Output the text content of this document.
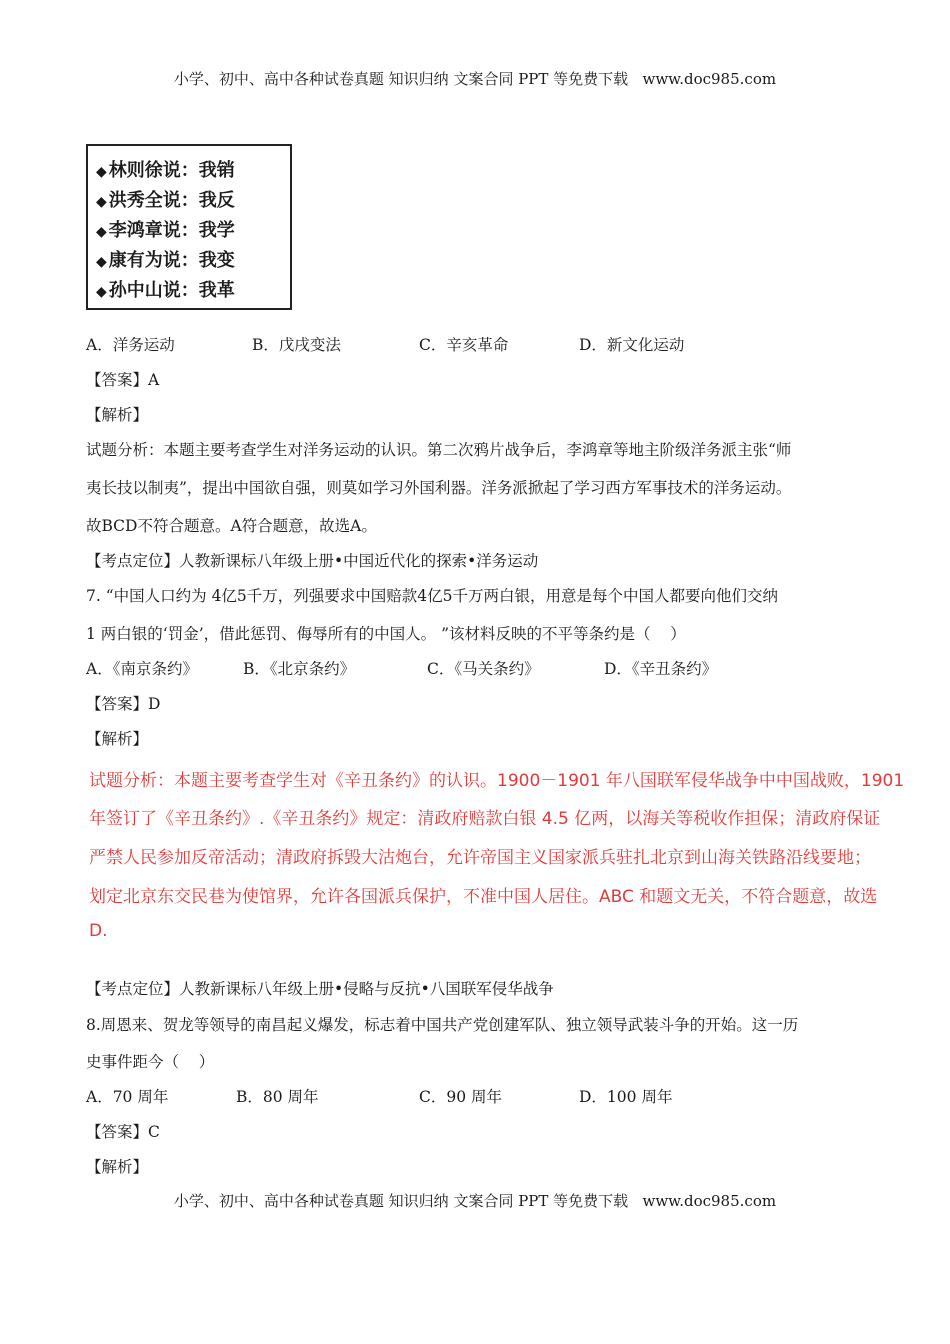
小学、初中、高中各种试卷真题 知识归纳 文案合同 PPT 等免费下载   www.doc985.com
◆ 林则徐说：我销
◆ 洪秀全说：我反
◆ 李鸿章说：我学
◆ 康有为说：我变
◆ 孙中山说：我革
A．洋务运动	B．戊戌变法	C．辛亥革命	D．新文化运动
【答案】A
【解析】
试题分析：本题主要考查学生对洋务运动的认识。第二次鸦片战争后，李鸿章等地主阶级洋务派主张“师
夷长技以制夷”，提出中国欲自强，则莫如学习外国利器。洋务派掀起了学习西方军事技术的洋务运动。
故BCD不符合题意。A符合题意，故选A。
【考点定位】人教新课标八年级上册•中国近代化的探索•洋务运动
7. “中国人口约为 4亿5千万，列强要求中国赔款4亿5千万两白银，用意是每个中国人都要向他们交纳
1 两白银的‘罚金’，借此惩罚、侮辱所有的中国人。 ”该材料反映的不平等条约是（    ）
A．《南京条约》	B．《北京条约》	C．《马关条约》	D．《辛丑条约》
【答案】D
【解析】
试题分析：本题主要考查学生对《辛丑条约》的认识。1900－1901 年八国联军侵华战争中中国战败，1901
年签订了《辛丑条约》.《辛丑条约》规定：清政府赔款白银 4.5 亿两，以海关等税收作担保；清政府保证
严禁人民参加反帝活动；清政府拆毁大沽炮台，允许帝国主义国家派兵驻扎北京到山海关铁路沿线要地；
划定北京东交民巷为使馆界，允许各国派兵保护，不准中国人居住。ABC 和题文无关，不符合题意，故选
D.
【考点定位】人教新课标八年级上册•侵略与反抗•八国联军侵华战争
8.周恩来、贺龙等领导的南昌起义爆发，标志着中国共产党创建军队、独立领导武装斗争的开始。这一历
史事件距今（    ）
A．70 周年	B．80 周年	C．90 周年	D．100 周年
【答案】C
【解析】
小学、初中、高中各种试卷真题 知识归纳 文案合同 PPT 等免费下载   www.doc985.com
